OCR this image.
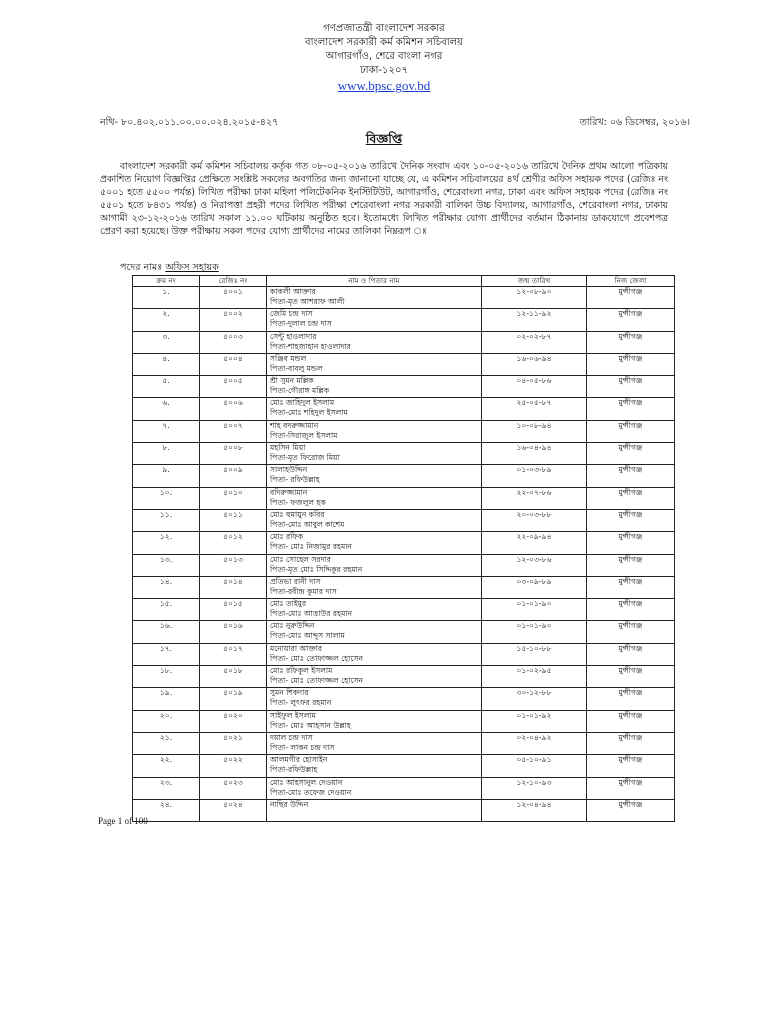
গণপ্রজাতন্ত্রী বাংলাদেশ সরকার
বাংলাদেশ সরকারী কর্ম কমিশন সচিবালয়
আগারগাঁও, শেরে বাংলা নগর
ঢাকা-১২০৭
www.bpsc.gov.bd
নথি- ৮০.৪০২.০১১.০০.০০.০২৪.২০১৫-৪২৭	তারিখ: ০৬ ডিসেম্বর, ২০১৬।
বিজ্ঞপ্তি
বাংলাদেশ সরকারী কর্ম কমিশন সচিবালয় কর্তৃক গত ০৮-০৫-২০১৬ তারিখে দৈনিক সংবাদ এবং ১০-০৫-২০১৬ তারিখে দৈনিক প্রথম আলো পত্রিকায় প্রকাশিত নিয়োগ বিজ্ঞপ্তির প্রেক্ষিতে সংশ্লিষ্ট সকলের অবগতির জন্য জানানো যাচ্ছে যে, এ কমিশন সচিবালয়ের ৪র্থ শ্রেণীর অফিস সহায়ক পদের (রেজিঃ নং ৫০০১ হতে ৫৫০০ পর্যন্ত) লিখিত পরীক্ষা ঢাকা মহিলা পলিটেকনিক ইনস্টিটিউট, আগারগাঁও, শেরেবাংলা নগর, ঢাকা এবং অফিস সহায়ক পদের (রেজিঃ নং ৫৫০১ হতে ৮৪৩১ পর্যন্ত) ও নিরাপত্তা প্রহরী পদের লিখিত পরীক্ষা শেরেবাংলা নগর সরকারী বালিকা উচ্চ বিদ্যালয়, আগারগাঁও, শেরেবাংলা নগর, ঢাকায় আগামী ২৩-১২-২০১৬ তারিখ সকাল ১১.০০ ঘটিকায় অনুষ্ঠিত হবে। ইতোমধ্যে লিখিত পরীক্ষার যোগ্য প্রার্থীদের বর্তমান ঠিকানায় ডাকযোগে প্রবেশপত্র প্রেরণ করা হয়েছে। উক্ত পরীক্ষায় সকল পদের যোগ্য প্রার্থীদের নামের তালিকা নিম্নরূপ ঃ
পদের নামঃ অফিস সহায়ক
ক্রম নং	রেজিঃ নং	নাম ও পিতার নাম	জন্ম তারিখ	নিজ জেলা
১.	৫০০১	কাকলী আক্তার
পিতা-মৃত আশরাফ আলী	১২-০৮-৯০	মুন্সীগঞ্জ
২.	৫০০২	জেমি চন্দ্র দাস
পিতা-দুলাল চন্দ্র দাস	১২-১১-৯২	মুন্সীগঞ্জ
৩.	৫০০৩	সেন্টু হাওলাদার
পিতা-শাহজাহান হাওলাদার	০২-০২-৮৭	মুন্সীগঞ্জ
৪.	৫০০৪	সঞ্জিব মন্ডল
পিতা-বাবলু মন্ডল	১৬-০৬-৯৪	মুন্সীগঞ্জ
৫.	৫০০৫	শ্রী সুমন মল্লিক
পিতা-গৌরাঙ্গ মল্লিক	০৪-০৫-৮৬	মুন্সীগঞ্জ
৬.	৫০০৬	মোঃ জাহিদুল ইসলাম
পিতা-মোঃ শহিদুল ইসলাম	২৫-০৫-৮৭	মুন্সীগঞ্জ
৭.	৫০০৭	শাহ বদরুজ্জামান
পিতা-সিরাজুল ইসলাম	১০-০৮-৯৪	মুন্সীগঞ্জ
৮.	৫০০৮	মহসিন মিয়া
পিতা-মৃত ফিরোজ মিয়া	১৬-০৪-৯৪	মুন্সীগঞ্জ
৯.	৫০০৯	সালাহউদ্দিন
পিতা- রফিউল্লাহ	০১-০৩-৮৯	মুন্সীগঞ্জ
১০.	৫০১০	বদিরুজ্জামান
পিতা- ফজলুল হক	২২-০৭-৮৬	মুন্সীগঞ্জ
১১.	৫০১১	মোঃ হুমায়ুন কবির
পিতা-মোঃ আবুল কাশেম	২০-০৩-৮৮	মুন্সীগঞ্জ
১২.	৫০১২	মোঃ রফিক
পিতা- মোঃ নিজামুর রহমান	২২-০৯-৯৪	মুন্সীগঞ্জ
১৩.	৫০১৩	মোঃ সোহেল সরদার
পিতা-মৃত মোঃ সিদ্দিকুর রহমান	১২-০৩-৮৬	মুন্সীগঞ্জ
১৪.	৫০১৪	প্রতিভা রানী দাস
পিতা-রবীন্দ্র কুমার দাস	০৩-০৯-৮৯	মুন্সীগঞ্জ
১৫.	৫০১৫	মোঃ তাইমুর
পিতা-মোঃ আত্তাউর রহমান	০১-০১-৯০	মুন্সীগঞ্জ
১৬.	৫০১৬	মোঃ নুরুউদ্দিন
পিতা-মোঃ আব্দুস সালাম	০১-০১-৯০	মুন্সীগঞ্জ
১৭.	৫০১৭	মনোয়ারা আক্তার
পিতা- মোঃ তোফাজ্জল হোসেন	১৫-১০-৮৮	মুন্সীগঞ্জ
১৮.	৫০১৮	মোঃ রফিকুল ইসলাম
পিতা- মোঃ তোফাজ্জল হোসেন	০১-০২-৯৫	মুন্সীগঞ্জ
১৯.	৫০১৯	সুমন শিকদার
পিতা- লুৎফর রহমান	৩০-১২-৮৮	মুন্সীগঞ্জ
২০.	৫০২০	সাইফুল ইসলাম
পিতা- মোঃ আহসান উল্লাহ	০১-০১-৯২	মুন্সীগঞ্জ
২১.	৫০২১	দয়াল চন্দ্র দাস
পিতা- লাকন চন্দ্র দাস	০২-০৪-৯২	মুন্সীগঞ্জ
২২.	৫০২২	আলমগীর হোসাইন
পিতা-রফিউল্লাহ	০৫-১০-৯১	মুন্সীগঞ্জ
২৩.	৫০২৩	মোঃ আহসানুল দেওয়ান
পিতা-মোঃ তফেজ দেওয়ান	১২-১০-৯৩	মুন্সীগঞ্জ
২৪.	৫০২৪	নাছির উদ্দিন	১২-০৪-৯৪	মুন্সীগঞ্জ
Page 1 of 100
